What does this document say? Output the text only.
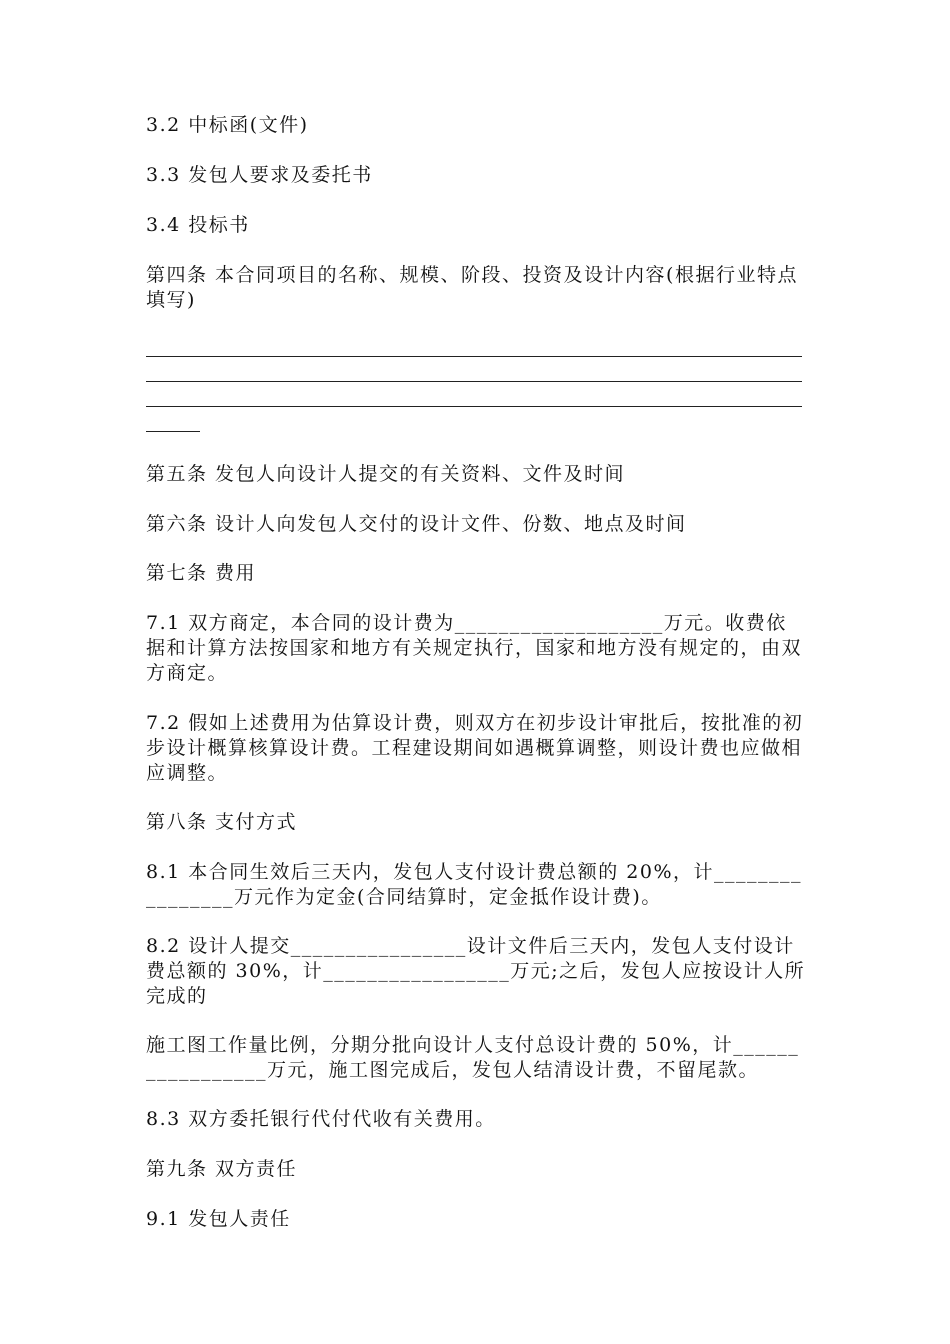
3.2 中标函(文件)

3.3 发包人要求及委托书

3.4 投标书

第四条 本合同项目的名称、规模、阶段、投资及设计内容(根据行业特点填写)

第五条 发包人向设计人提交的有关资料、文件及时间

第六条 设计人向发包人交付的设计文件、份数、地点及时间

第七条 费用

7.1 双方商定，本合同的设计费为___________________万元。收费依据和计算方法按国家和地方有关规定执行，国家和地方没有规定的，由双方商定。

7.2 假如上述费用为估算设计费，则双方在初步设计审批后，按批准的初步设计概算核算设计费。工程建设期间如遇概算调整，则设计费也应做相应调整。

第八条 支付方式

8.1 本合同生效后三天内，发包人支付设计费总额的 20%，计________________万元作为定金(合同结算时，定金抵作设计费)。

8.2 设计人提交________________设计文件后三天内，发包人支付设计费总额的 30%，计_________________万元;之后，发包人应按设计人所完成的

施工图工作量比例，分期分批向设计人支付总设计费的 50%，计_________________万元，施工图完成后，发包人结清设计费，不留尾款。

8.3 双方委托银行代付代收有关费用。

第九条 双方责任

9.1 发包人责任
